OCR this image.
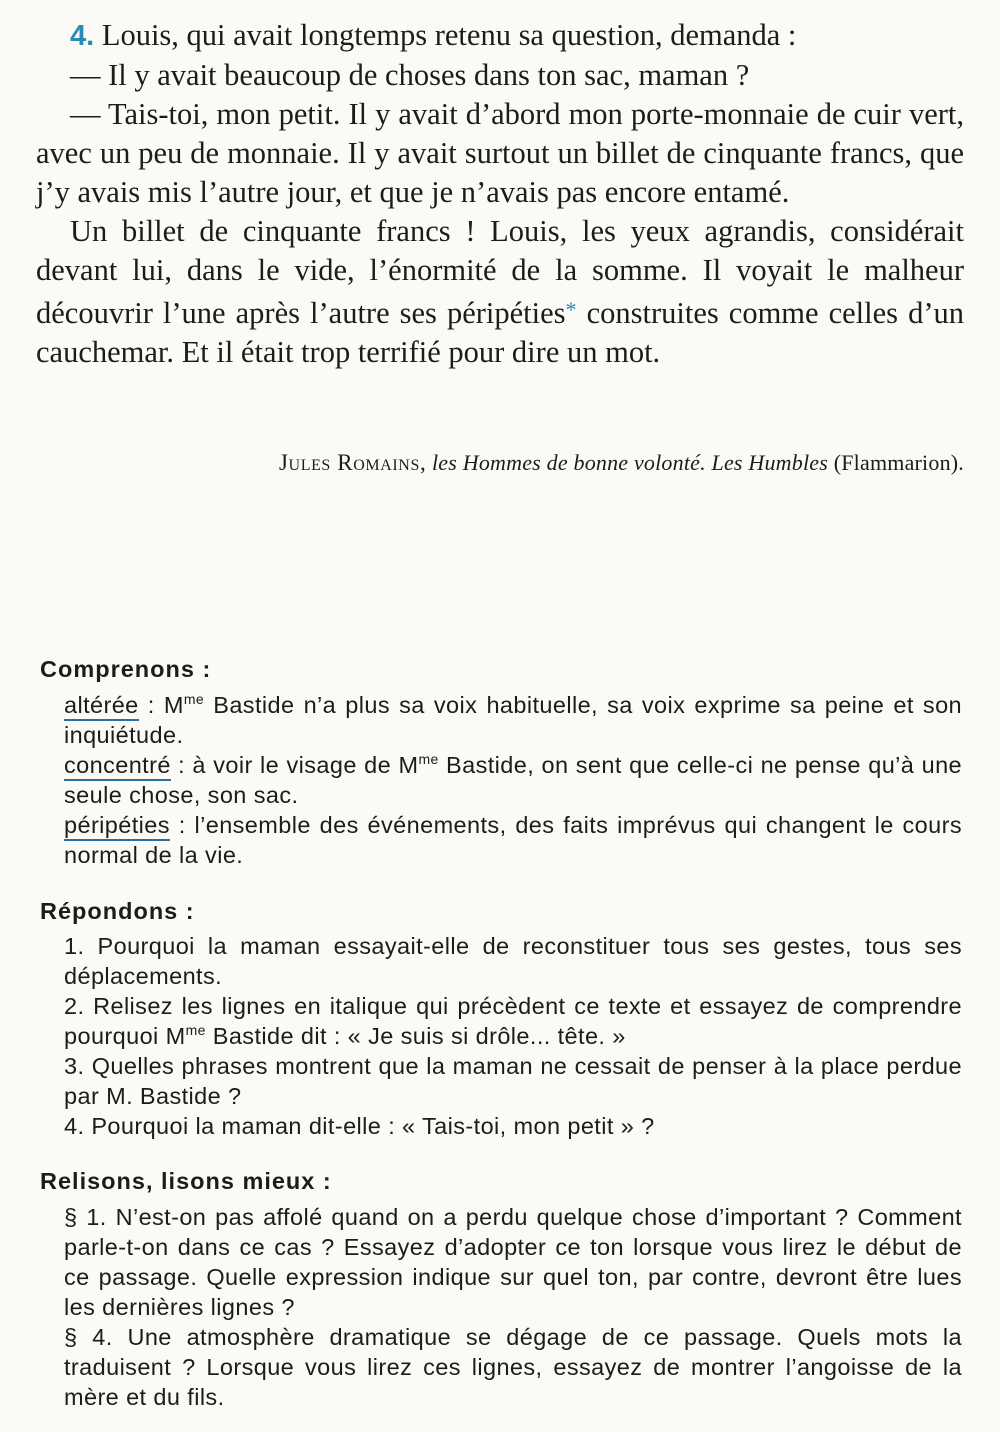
4. Louis, qui avait longtemps retenu sa question, demanda :

— Il y avait beaucoup de choses dans ton sac, maman ?

— Tais-toi, mon petit. Il y avait d’abord mon porte-monnaie de cuir vert, avec un peu de monnaie. Il y avait surtout un billet de cinquante francs, que j’y avais mis l’autre jour, et que je n’avais pas encore entamé.

Un billet de cinquante francs ! Louis, les yeux agrandis, considérait devant lui, dans le vide, l’énormité de la somme. Il voyait le malheur découvrir l’une après l’autre ses péripéties* construites comme celles d’un cauchemar. Et il était trop terrifié pour dire un mot.

Jules Romains, les Hommes de bonne volonté. Les Humbles (Flammarion).
Comprenons :

altérée : $M^{me}$ Bastide n’a plus sa voix habituelle, sa voix exprime sa peine et son inquiétude.

concentré : à voir le visage de $M^{me}$ Bastide, on sent que celle-ci ne pense qu’à une seule chose, son sac.

péripéties : l’ensemble des événements, des faits imprévus qui changent le cours normal de la vie.

Répondons :

1. Pourquoi la maman essayait-elle de reconstituer tous ses gestes, tous ses déplacements.

2. Relisez les lignes en italique qui précèdent ce texte et essayez de comprendre pourquoi $M^{me}$ Bastide dit : « Je suis si drôle... tête. »

3. Quelles phrases montrent que la maman ne cessait de penser à la place perdue par M. Bastide ?

4. Pourquoi la maman dit-elle : « Tais-toi, mon petit » ?

Relisons, lisons mieux :

§ 1. N’est-on pas affolé quand on a perdu quelque chose d’important ? Comment parle-t-on dans ce cas ? Essayez d’adopter ce ton lorsque vous lirez le début de ce passage. Quelle expression indique sur quel ton, par contre, devront être lues les dernières lignes ?

§ 4. Une atmosphère dramatique se dégage de ce passage. Quels mots la traduisent ? Lorsque vous lirez ces lignes, essayez de montrer l’angoisse de la mère et du fils.
